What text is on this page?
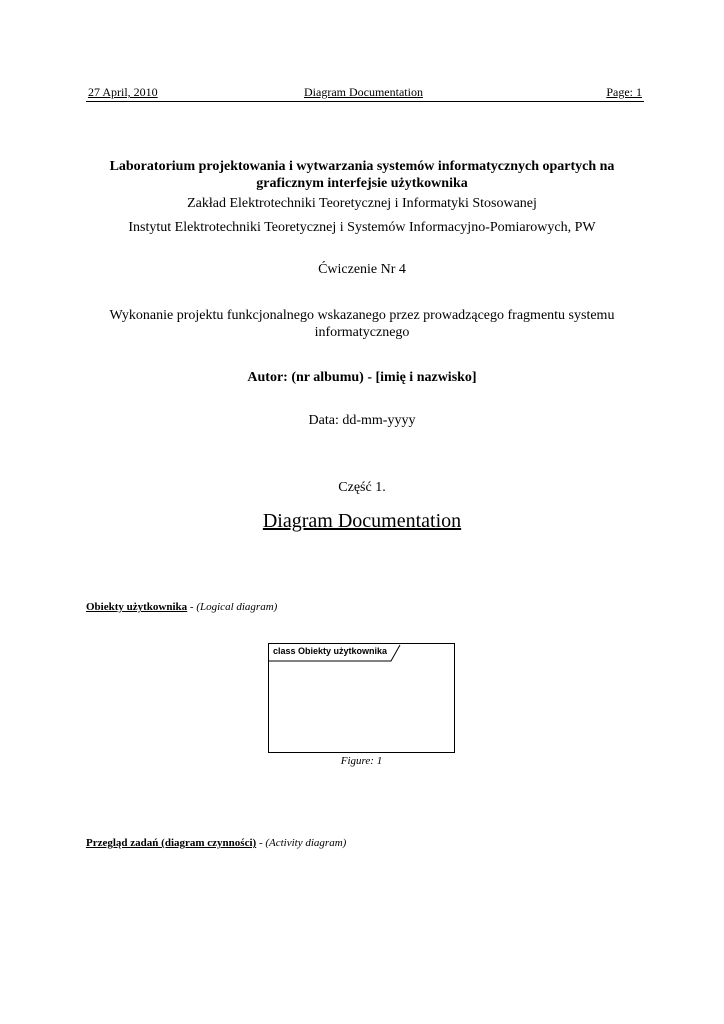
27 April, 2010	Diagram Documentation	Page: 1
Laboratorium projektowania i wytwarzania systemów informatycznych opartych na graficznym interfejsie użytkownika
Zakład Elektrotechniki Teoretycznej i Informatyki Stosowanej
Instytut Elektrotechniki Teoretycznej i Systemów Informacyjno-Pomiarowych, PW
Ćwiczenie Nr 4
Wykonanie projektu funkcjonalnego wskazanego przez prowadzącego fragmentu systemu informatycznego
Autor: (nr albumu) - [imię i nazwisko]
Data: dd-mm-yyyy
Część 1.
Diagram Documentation
Obiekty użytkownika - (Logical diagram)
class Obiekty użytkownika
Figure: 1
Przegląd zadań (diagram czynności) - (Activity diagram)
